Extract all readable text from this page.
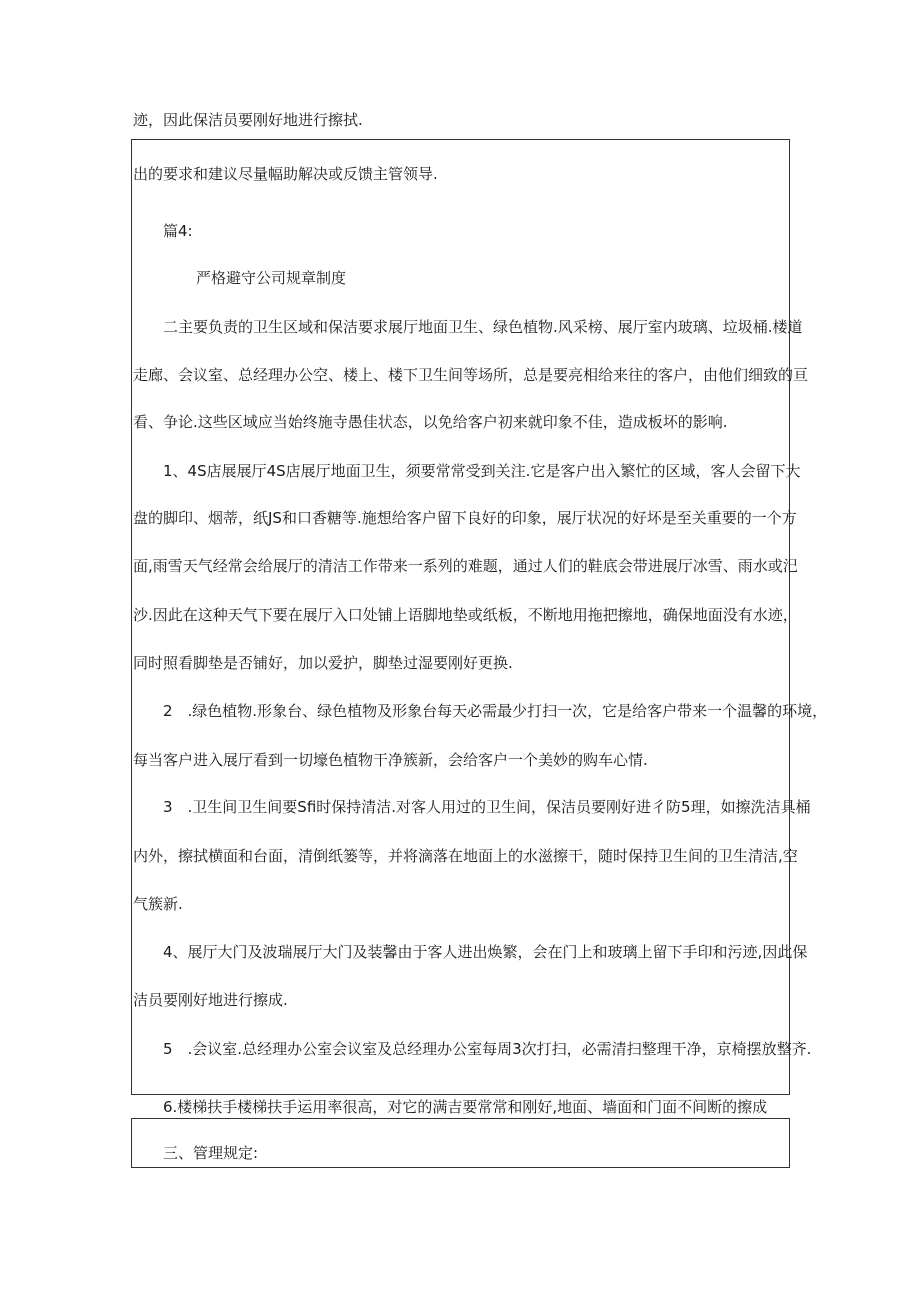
迹，因此保洁员要刚好地进行擦拭.
出的要求和建议尽量幅助解决或反馈主管领导.
篇4:
严格避守公司规章制度
二主要负责的卫生区域和保洁要求展厅地面卫生、绿色植物.风采榜、展厅室内玻璃、垃圾桶.楼道
走廊、会议室、总经理办公空、楼上、楼下卫生间等场所，总是要亮相给来往的客户，由他们细致的亘
看、争论.这些区域应当始终施寺愚佳状态，以免给客户初来就印象不佳，造成板坏的影响.
1、4S店展展厅4S店展厅地面卫生，须要常常受到关注.它是客户出入繁忙的区域，客人会留下大
盘的脚印、烟蒂，纸JS和口香糖等.施想给客户留下良好的印象，展厅状况的好坏是至关重要的一个方
面,雨雪天气经常会给展厅的清洁工作带来一系列的难题，通过人们的鞋底会带进展厅冰雪、雨水或汜
沙.因此在这种天气下要在展厅入口处铺上语脚地垫或纸板，不断地用拖把擦地，确保地面没有水迹，
同时照看脚垫是否铺好，加以爱护，脚垫过湿要刚好更换.
2　.绿色植物.形象台、绿色植物及形象台每天必需最少打扫一次，它是给客户带来一个温馨的环境，
每当客户进入展厅看到一切壕色植物干净簇新，会给客户一个美妙的购车心情.
3　.卫生间卫生间要Sfi时保持清洁.对客人用过的卫生间，保洁员要刚好进彳防5理，如擦洗洁具桶
内外，擦拭横面和台面，清倒纸篓等，并将滴落在地面上的水滋擦干，随时保持卫生间的卫生清洁,空
气簇新.
4、展厅大门及波瑞展厅大门及装馨由于客人进出焕繁，会在门上和玻璃上留下手印和污迹,因此保
洁员要刚好地进行擦成.
5　.会议室.总经理办公室会议室及总经理办公室每周3次打扫，必需清扫整理干净，京椅摆放整齐.
6.楼梯扶手楼梯扶手运用率很高，对它的满吉要常常和刚好,地面、墙面和门面不间断的擦成
三、管理规定:
